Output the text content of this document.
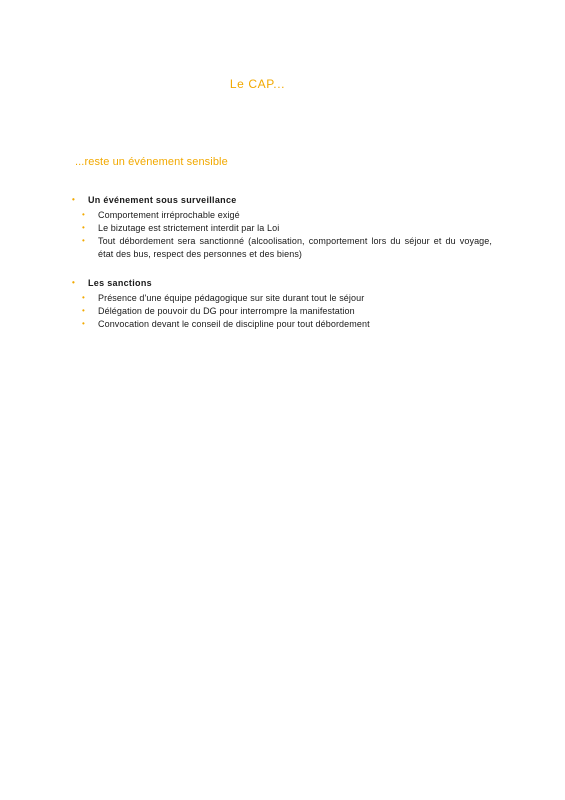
Le CAP...
...reste un événement sensible
•	Un événement sous surveillance
•	Comportement irréprochable exigé
•	Le bizutage est strictement interdit par la Loi
•	Tout débordement sera sanctionné (alcoolisation, comportement lors du séjour et du voyage, état des bus, respect des personnes et des biens)
•	Les sanctions
•	Présence d'une équipe pédagogique sur site durant tout le séjour
•	Délégation de pouvoir du DG pour interrompre la manifestation
•	Convocation devant le conseil de discipline pour tout débordement
